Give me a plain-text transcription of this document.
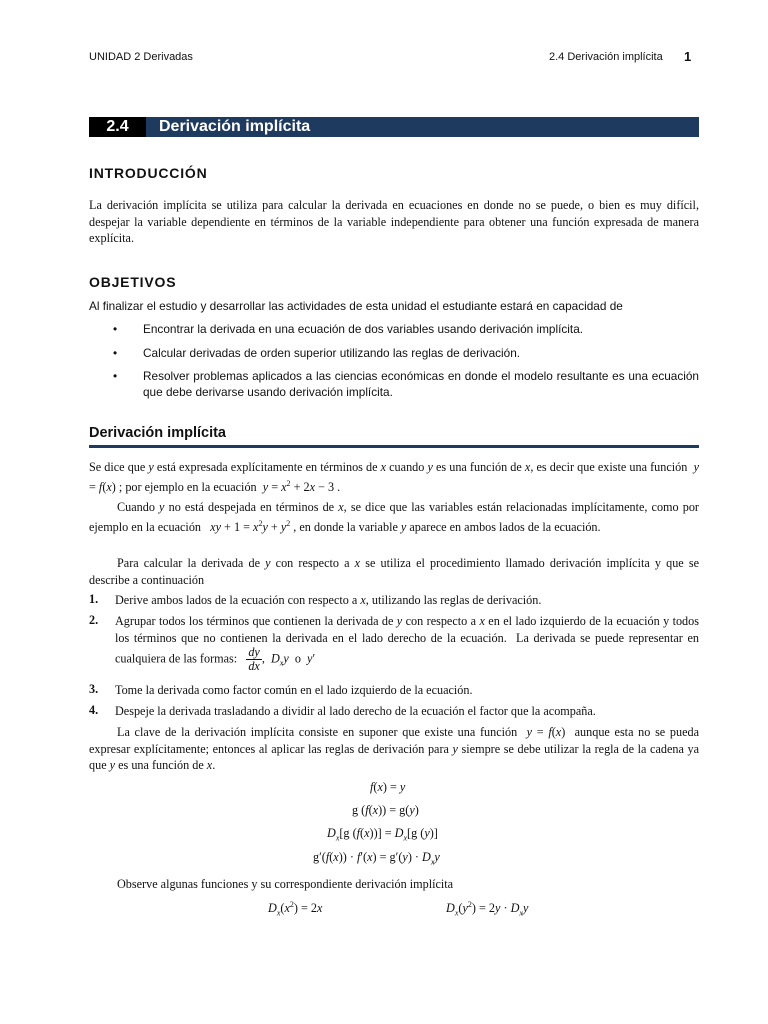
UNIDAD 2 Derivadas	2.4 Derivación implícita 1
2.4	Derivación implícita
INTRODUCCIÓN
La derivación implícita se utiliza para calcular la derivada en ecuaciones en donde no se puede, o bien es muy difícil, despejar la variable dependiente en términos de la variable independiente para obtener una función expresada de manera explícita.
OBJETIVOS
Al finalizar el estudio y desarrollar las actividades de esta unidad el estudiante estará en capacidad de
• Encontrar la derivada en una ecuación de dos variables usando derivación implícita.
• Calcular derivadas de orden superior utilizando las reglas de derivación.
• Resolver problemas aplicados a las ciencias económicas en donde el modelo resultante es una ecuación que debe derivarse usando derivación implícita.
Derivación implícita
Se dice que y está expresada explícitamente en términos de x cuando y es una función de x, es decir que existe una función  y = f(x) ; por ejemplo en la ecuación  $y = x^2 + 2x - 3$ .
Cuando y no está despejada en términos de x, se dice que las variables están relacionadas implícitamente, como por ejemplo en la ecuación   xy + $1 = x^2y + y^2$ , en donde la variable y aparece en ambos lados de la ecuación.
Para calcular la derivada de y con respecto a x se utiliza el procedimiento llamado derivación implícita y que se describe a continuación
1. Derive ambos lados de la ecuación con respecto a x, utilizando las reglas de derivación.
2. Agrupar todos los términos que contienen la derivada de y con respecto a x en el lado izquierdo de la ecuación y todos los términos que no contienen la derivada en el lado derecho de la ecuación.  La derivada se puede representar en cualquiera de las formas: $\frac{dy}{dx}$ ,  $D_xy$  o  y′
3. Tome la derivada como factor común en el lado izquierdo de la ecuación.
4. Despeje la derivada trasladando a dividir al lado derecho de la ecuación el factor que la acompaña.
La clave de la derivación implícita consiste en suponer que existe una función  y = f(x)  aunque esta no se pueda expresar explícitamente; entonces al aplicar las reglas de derivación para y siempre se debe utilizar la regla de la cadena ya que y es una función de x.
f(x) = y
g (f(x)) = g(y)
$D_x[g$ $(f(x))] = D_x[g$ (y)]
$g'(f(x)) \cdot f'(x) = g'(y) \cdot D_xy$
Observe algunas funciones y su correspondiente derivación implícita
$D_x(x^2) = 2x$	$D_x(y^2) = 2y \cdot D_xy$
